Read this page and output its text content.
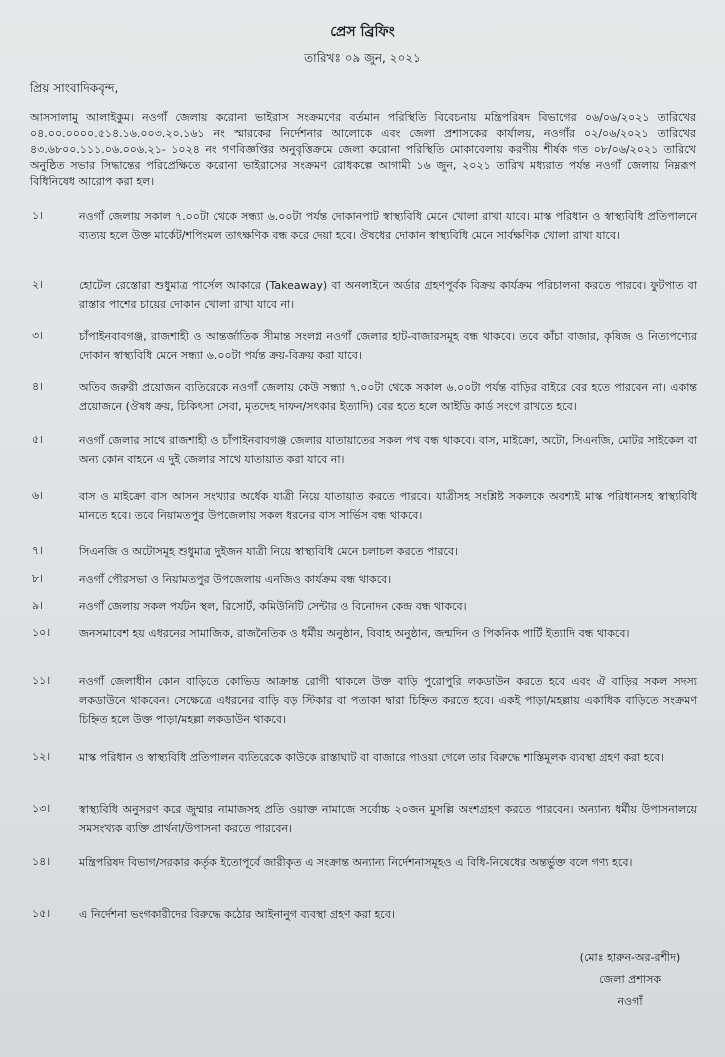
প্রেস ব্রিফিং
তারিখঃ ০৯ জুন, ২০২১
প্রিয় সাংবাদিকবৃন্দ,
আসসালামু আলাইকুম। নওগাঁ জেলায় করোনা ভাইরাস সংক্রমণের বর্তমান পরিস্থিতি বিবেচনায় মন্ত্রিপরিষদ বিভাগের ০৬/০৬/২০২১ তারিখের ০৪.০০.০০০০.৫১৪.১৬.০০৩.২০.১৬১ নং স্মারকের নির্দেশনার আলোকে এবং জেলা প্রশাসকের কার্যালয়, নওগাঁর ০২/০৬/২০২১ তারিখের ৪৩.৬৮০০.১১১.০৬.০০৬.২১- ১০২৪ নং গণবিজ্ঞপ্তির অনুবৃত্তিক্রমে জেলা করোনা পরিস্থিতি মোকাবেলায় করণীয় শীর্ষক গত ০৮/০৬/২০২১ তারিখে অনুষ্ঠিত সভার সিদ্ধান্তের পরিপ্রেক্ষিতে করোনা ভাইরাসের সংক্রমণ রোধকল্পে আগামী ১৬ জুন, ২০২১ তারিখ মধ্যরাত পর্যন্ত নওগাঁ জেলায় নিম্নরূপ বিধিনিষেধ আরোপ করা হল।
১।	নওগাঁ জেলায় সকাল ৭.০০টা থেকে সন্ধ্যা ৬.০০টা পর্যন্ত দোকানপাট স্বাস্থ্যবিধি মেনে খোলা রাখা যাবে। মাস্ক পরিধান ও স্বাস্থ্যবিধি প্রতিপালনে ব্যত্যয় হলে উক্ত মার্কেট/শপিংমল তাৎক্ষণিক বন্ধ করে দেয়া হবে। ঔষধের দোকান স্বাস্থ্যবিধি মেনে সার্বক্ষণিক খোলা রাখা যাবে।
২।	হোটেল রেস্তোরা শুধুমাত্র পার্সেল আকারে (Takeaway) বা অনলাইনে অর্ডার গ্রহণপূর্বক বিক্রয় কার্যক্রম পরিচালনা করতে পারবে। ফুটপাত বা রাস্তার পাশের চায়ের দোকান খোলা রাখা যাবে না।
৩।	চাঁপাইনবাবগঞ্জ, রাজশাহী ও আন্তর্জাতিক সীমান্ত সংলগ্ন নওগাঁ জেলার হাট-বাজারসমূহ বন্ধ থাকবে। তবে কাঁচা বাজার, কৃষিজ ও নিত্যপণ্যের দোকান স্বাস্থ্যবিধি মেনে সন্ধ্যা ৬.০০টা পর্যন্ত ক্রয়-বিক্রয় করা যাবে।
৪।	অতিব জরুরী প্রয়োজন ব্যতিরেকে নওগাঁ জেলায় কেউ সন্ধ্যা ৭.০০টা থেকে সকাল ৬.০০টা পর্যন্ত বাড়ির বাইরে বের হতে পারবেন না। একান্ত প্রয়োজনে (ঔষধ ক্রয়, চিকিৎসা সেবা, মৃতদেহ দাফন/সৎকার ইত্যাদি) বের হতে হলে আইডি কার্ড সংগে রাখতে হবে।
৫।	নওগাঁ জেলার সাথে রাজশাহী ও চাঁপাইনবাবগঞ্জ জেলার যাতায়াতের সকল পথ বন্ধ থাকবে। বাস, মাইক্রো, অটো, সিএনজি, মোটর সাইকেল বা অন্য কোন বাহনে এ দুই জেলার সাথে যাতায়াত করা যাবে না।
৬।	বাস ও মাইক্রো বাস আসন সংখ্যার অর্ধেক যাত্রী নিয়ে যাতায়াত করতে পারবে। যাত্রীসহ সংশ্লিষ্ট সকলকে অবশ্যই মাস্ক পরিধানসহ স্বাস্থ্যবিধি মানতে হবে। তবে নিয়ামতপুর উপজেলায় সকল ধরনের বাস সার্ভিস বন্ধ থাকবে।
৭।	সিএনজি ও অটোসমূহ শুধুমাত্র দুইজন যাত্রী নিয়ে স্বাস্থ্যবিধি মেনে চলাচল করতে পারবে।
৮।	নওগাঁ পৌরসভা ও নিয়ামতপুর উপজেলায় এনজিও কার্যক্রম বন্ধ থাকবে।
৯।	নওগাঁ জেলায় সকল পর্যটন স্থল, রিসোর্ট, কমিউনিটি সেন্টার ও বিনোদন কেন্দ্র বন্ধ থাকবে।
১০।	জনসমাবেশ হয় এধরনের সামাজিক, রাজনৈতিক ও ধর্মীয় অনুষ্ঠান, বিবাহ অনুষ্ঠান, জন্মদিন ও পিকনিক পার্টি ইত্যাদি বন্ধ থাকবে।
১১।	নওগাঁ জেলাধীন কোন বাড়িতে কোভিড আক্রান্ত রোগী থাকলে উক্ত বাড়ি পুরোপুরি লকডাউন করতে হবে এবং ঐ বাড়ির সকল সদস্য লকডাউনে থাকবেন। সেক্ষেত্রে এধরনের বাড়ি বড় স্টিকার বা পতাকা দ্বারা চিহ্নিত করতে হবে। একই পাড়া/মহল্লায় একাধিক বাড়িতে সংক্রমণ চিহ্নিত হলে উক্ত পাড়া/মহল্লা লকডাউন থাকবে।
১২।	মাস্ক পরিধান ও স্বাস্থ্যবিধি প্রতিপালন ব্যতিরেকে কাউকে রাস্তাঘাট বা বাজারে পাওয়া গেলে তার বিরুদ্ধে শাস্তিমূলক ব্যবস্থা গ্রহণ করা হবে।
১৩।	স্বাস্থ্যবিধি অনুসরণ করে জুম্মার নামাজসহ প্রতি ওয়াক্ত নামাজে সর্বোচ্চ ২০জন মুসল্লি অংশগ্রহণ করতে পারবেন। অন্যান্য ধর্মীয় উপাসনালয়ে সমসংখ্যক ব্যক্তি প্রার্থনা/উপাসনা করতে পারবেন।
১৪।	মন্ত্রিপরিষদ বিভাগ/সরকার কর্তৃক ইতোপূর্বে জারীকৃত এ সংক্রান্ত অন্যান্য নির্দেশনাসমূহও এ বিধি-নিষেধের অন্তর্ভুক্ত বলে গণ্য হবে।
১৫।	এ নির্দেশনা ভংগকারীদের বিরুদ্ধে কঠোর আইনানুগ ব্যবস্থা গ্রহণ করা হবে।
(মোঃ হারুন-অর-রশীদ)
জেলা প্রশাসক
নওগাঁ
